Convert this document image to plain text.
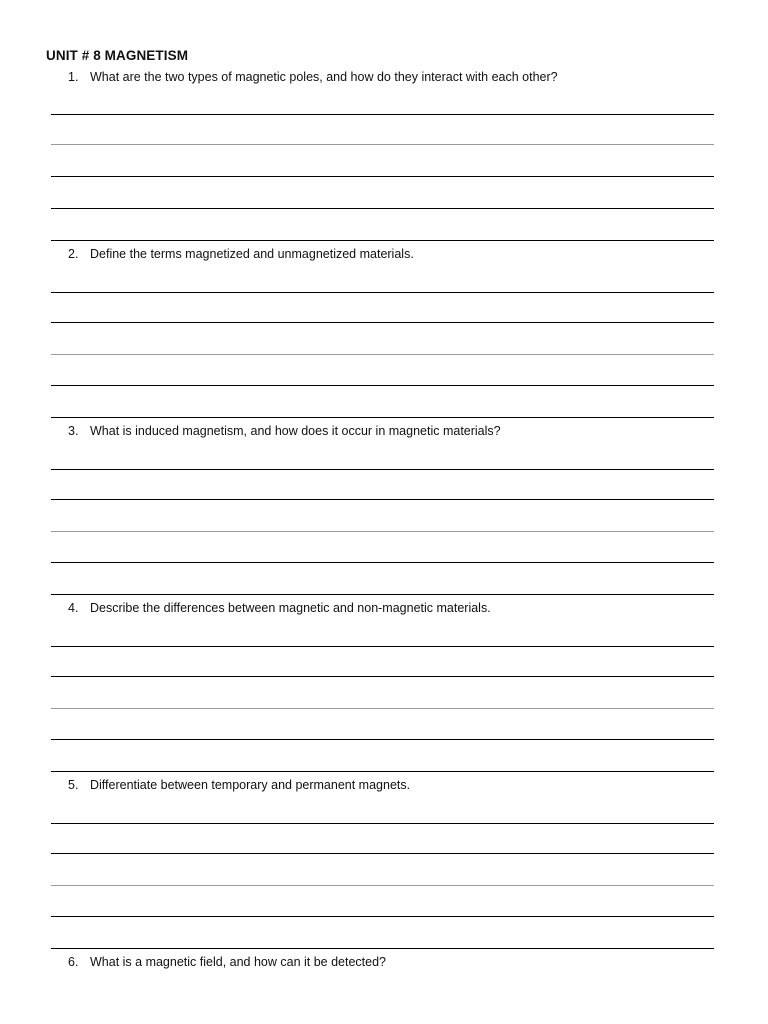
UNIT # 8 MAGNETISM
1. What are the two types of magnetic poles, and how do they interact with each other?
2. Define the terms magnetized and unmagnetized materials.
3. What is induced magnetism, and how does it occur in magnetic materials?
4. Describe the differences between magnetic and non-magnetic materials.
5. Differentiate between temporary and permanent magnets.
6. What is a magnetic field, and how can it be detected?
